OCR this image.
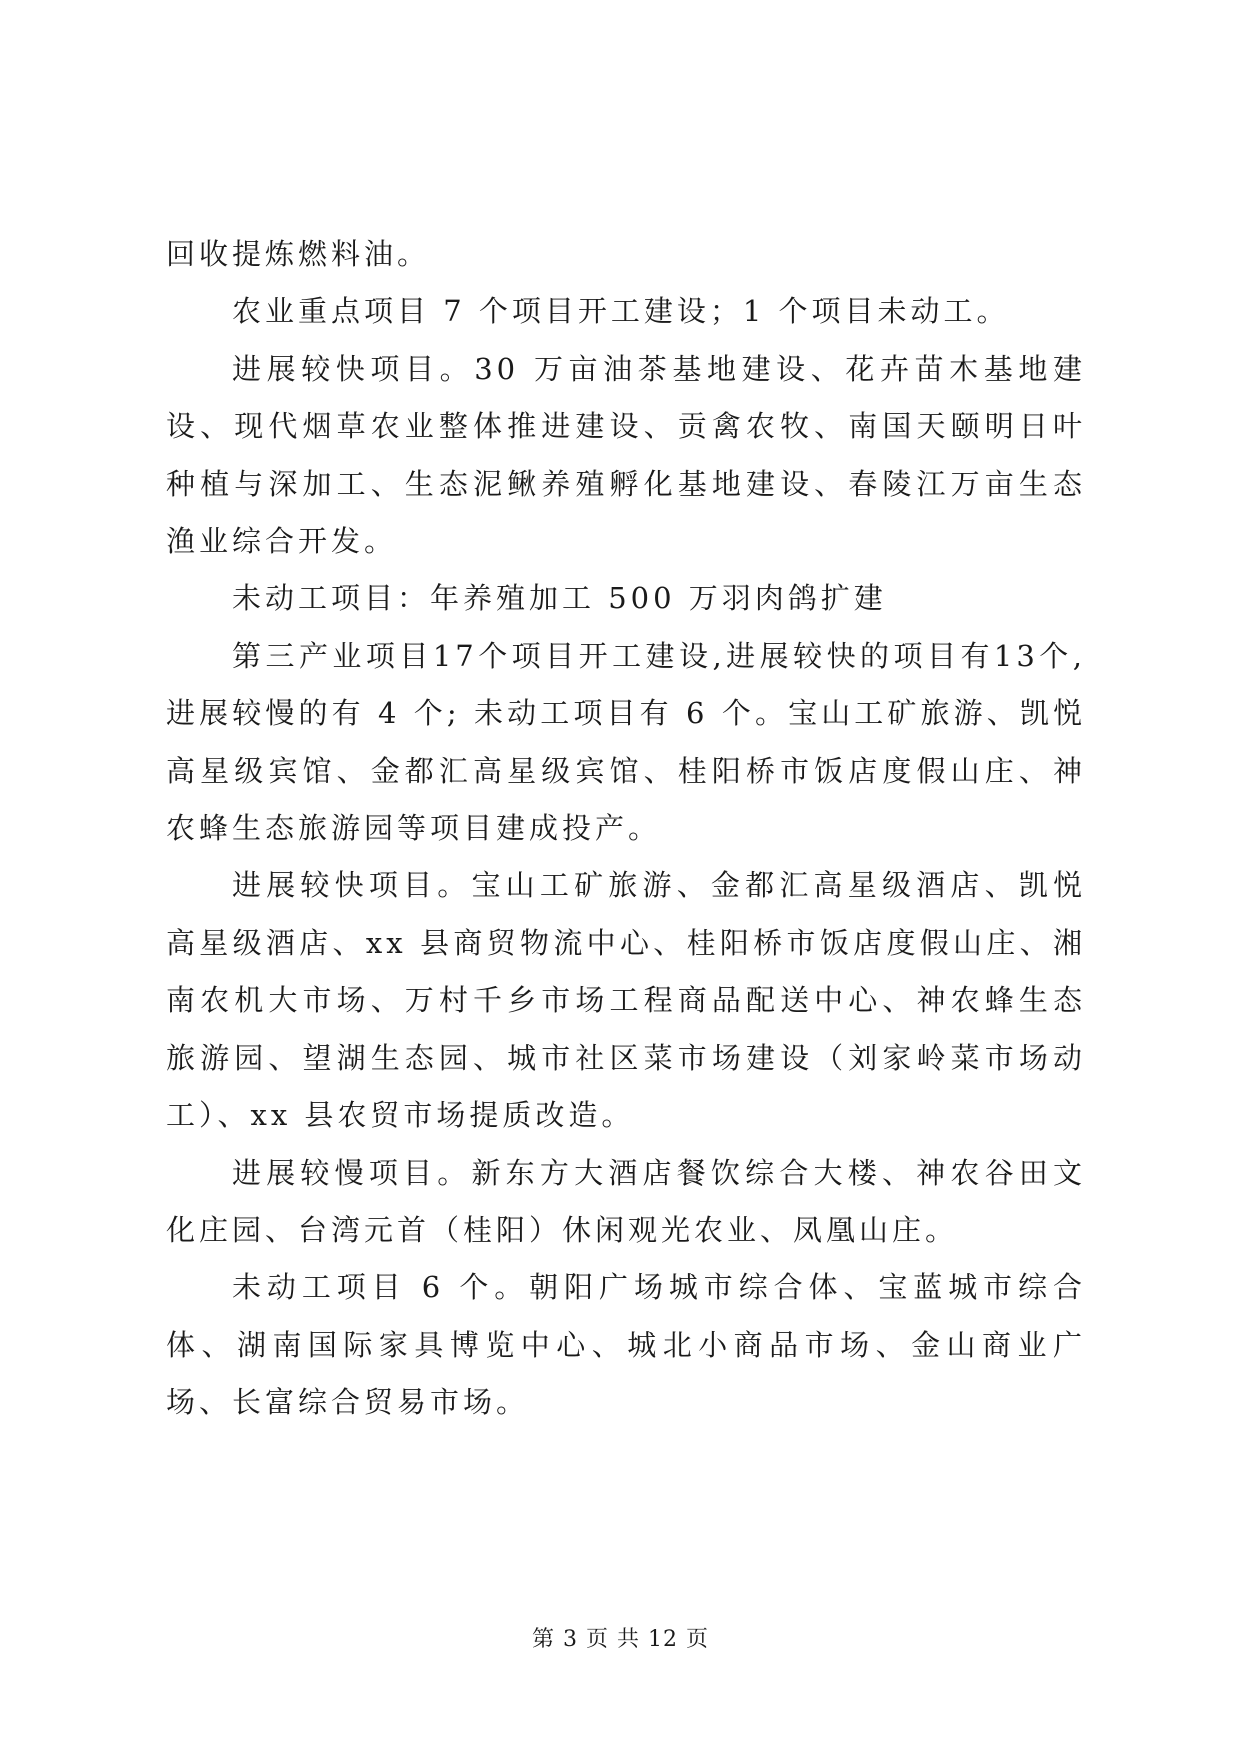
回收提炼燃料油。

农业重点项目 7 个项目开工建设；1 个项目未动工。

进展较快项目。30 万亩油茶基地建设、花卉苗木基地建设、现代烟草农业整体推进建设、贡禽农牧、南国天颐明日叶种植与深加工、生态泥鳅养殖孵化基地建设、春陵江万亩生态渔业综合开发。

未动工项目：年养殖加工 500 万羽肉鸽扩建

第三产业项目17个项目开工建设,进展较快的项目有13个,进展较慢的有 4 个; 未动工项目有 6 个。宝山工矿旅游、凯悦高星级宾馆、金都汇高星级宾馆、桂阳桥市饭店度假山庄、神农蜂生态旅游园等项目建成投产。

进展较快项目。宝山工矿旅游、金都汇高星级酒店、凯悦高星级酒店、xx 县商贸物流中心、桂阳桥市饭店度假山庄、湘南农机大市场、万村千乡市场工程商品配送中心、神农蜂生态旅游园、望湖生态园、城市社区菜市场建设（刘家岭菜市场动工）、xx 县农贸市场提质改造。

进展较慢项目。新东方大酒店餐饮综合大楼、神农谷田文化庄园、台湾元首（桂阳）休闲观光农业、凤凰山庄。

未动工项目 6 个。朝阳广场城市综合体、宝蓝城市综合体、湖南国际家具博览中心、城北小商品市场、金山商业广场、长富综合贸易市场。

第 3 页 共 12 页
